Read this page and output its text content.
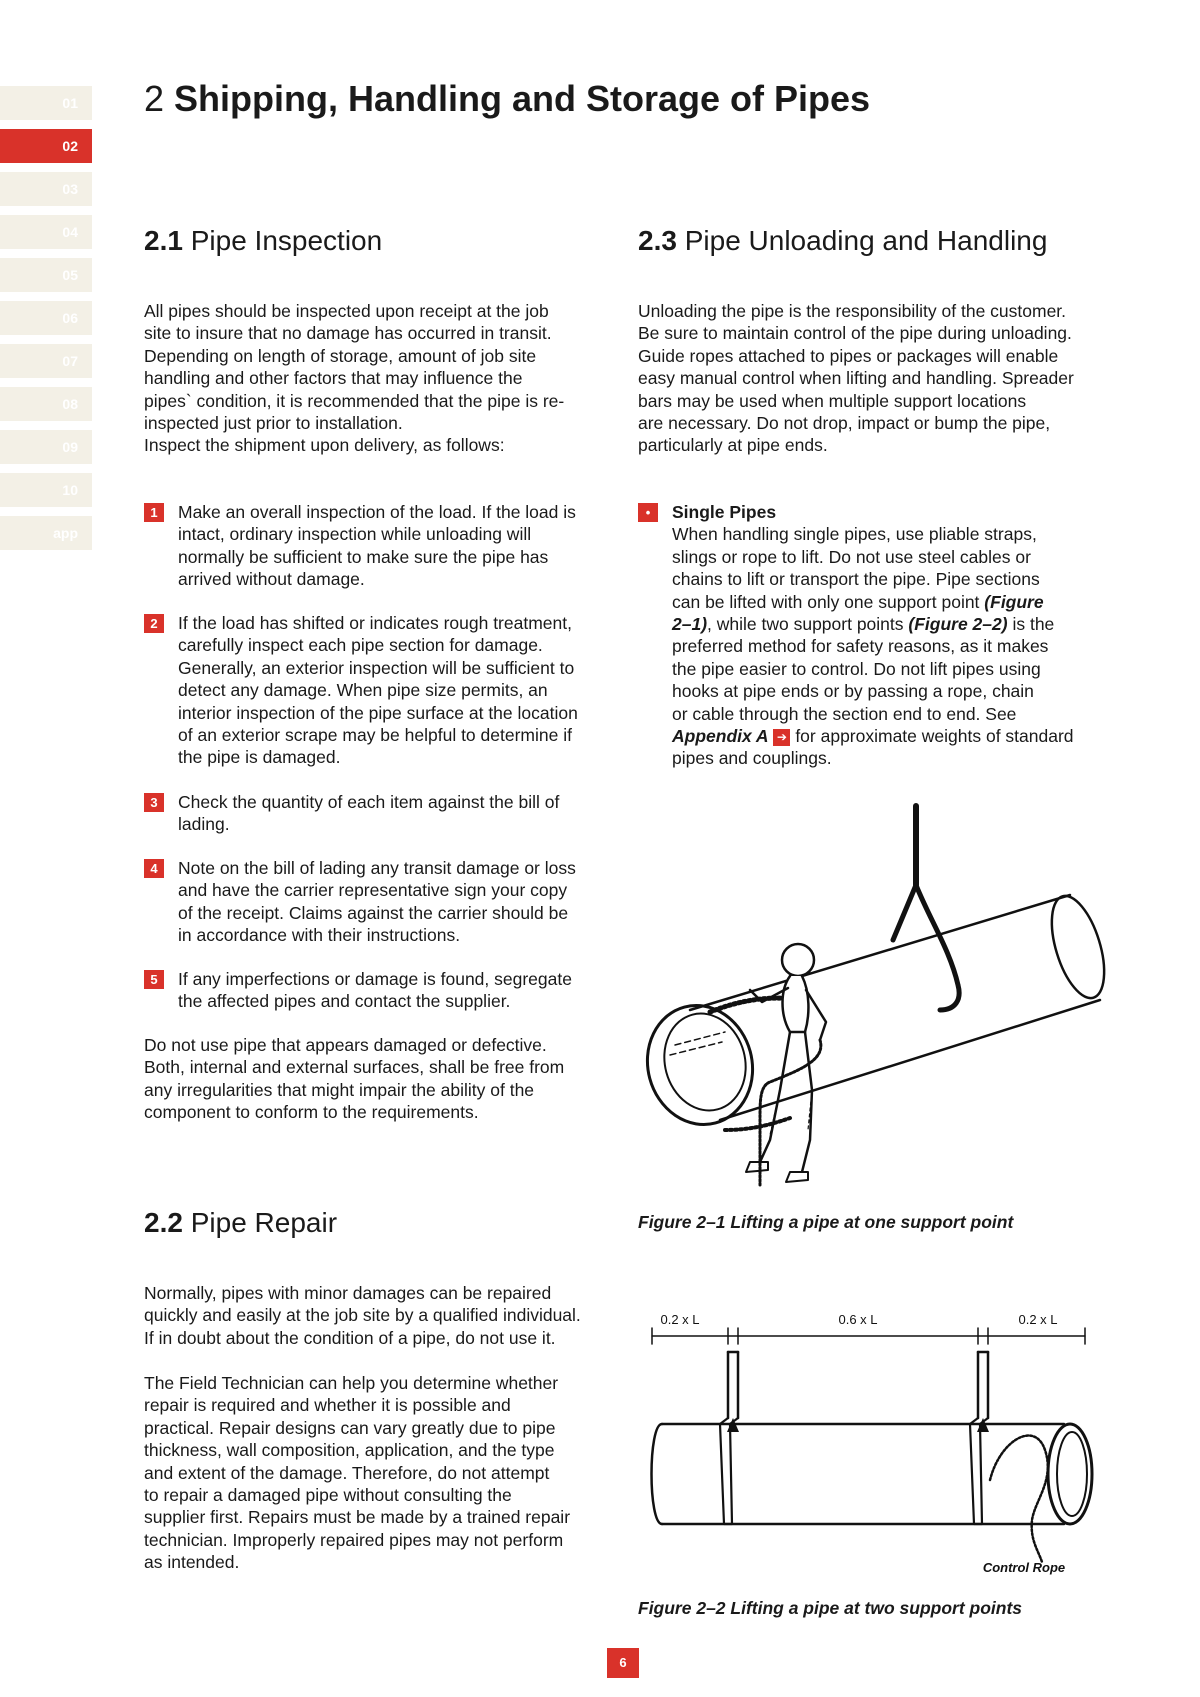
01
02
03
04
05
06
07
08
09
10
app
2 Shipping, Handling and Storage of Pipes
2.1 Pipe Inspection
All pipes should be inspected upon receipt at the job
site to insure that no damage has occurred in transit.
Depending on length of storage, amount of job site
handling and other factors that may influence the
pipes` condition, it is recommended that the pipe is re-
inspected just prior to installation.
Inspect the shipment upon delivery, as follows:
1	Make an overall inspection of the load. If the load is
intact, ordinary inspection while unloading will
normally be sufficient to make sure the pipe has
arrived without damage.
2	If the load has shifted or indicates rough treatment,
carefully inspect each pipe section for damage.
Generally, an exterior inspection will be sufficient to
detect any damage. When pipe size permits, an
interior inspection of the pipe surface at the location
of an exterior scrape may be helpful to determine if
the pipe is damaged.
3	Check the quantity of each item against the bill of
lading.
4	Note on the bill of lading any transit damage or loss
and have the carrier representative sign your copy
of the receipt. Claims against the carrier should be
in accordance with their instructions.
5	If any imperfections or damage is found, segregate
the affected pipes and contact the supplier.
Do not use pipe that appears damaged or defective.
Both, internal and external surfaces, shall be free from
any irregularities that might impair the ability of the
component to conform to the requirements.
2.2 Pipe Repair
Normally, pipes with minor damages can be repaired
quickly and easily at the job site by a qualified individual.
If in doubt about the condition of a pipe, do not use it.
The Field Technician can help you determine whether
repair is required and whether it is possible and
practical. Repair designs can vary greatly due to pipe
thickness, wall composition, application, and the type
and extent of the damage. Therefore, do not attempt
to repair a damaged pipe without consulting the
supplier first. Repairs must be made by a trained repair
technician. Improperly repaired pipes may not perform
as intended.
2.3 Pipe Unloading and Handling
Unloading the pipe is the responsibility of the customer.
Be sure to maintain control of the pipe during unloading.
Guide ropes attached to pipes or packages will enable
easy manual control when lifting and handling. Spreader
bars may be used when multiple support locations
are necessary. Do not drop, impact or bump the pipe,
particularly at pipe ends.
•	Single Pipes
When handling single pipes, use pliable straps,
slings or rope to lift. Do not use steel cables or
chains to lift or transport the pipe. Pipe sections
can be lifted with only one support point (Figure
2–1), while two support points (Figure 2–2) is the
preferred method for safety reasons, as it makes
the pipe easier to control. Do not lift pipes using
hooks at pipe ends or by passing a rope, chain
or cable through the section end to end. See
Appendix A ➔ for approximate weights of standard
pipes and couplings.

Figure 2–1 Lifting a pipe at one support point

0.2 x L	0.6 x L	0.2 x L
Control Rope

Figure 2–2 Lifting a pipe at two support points

6
